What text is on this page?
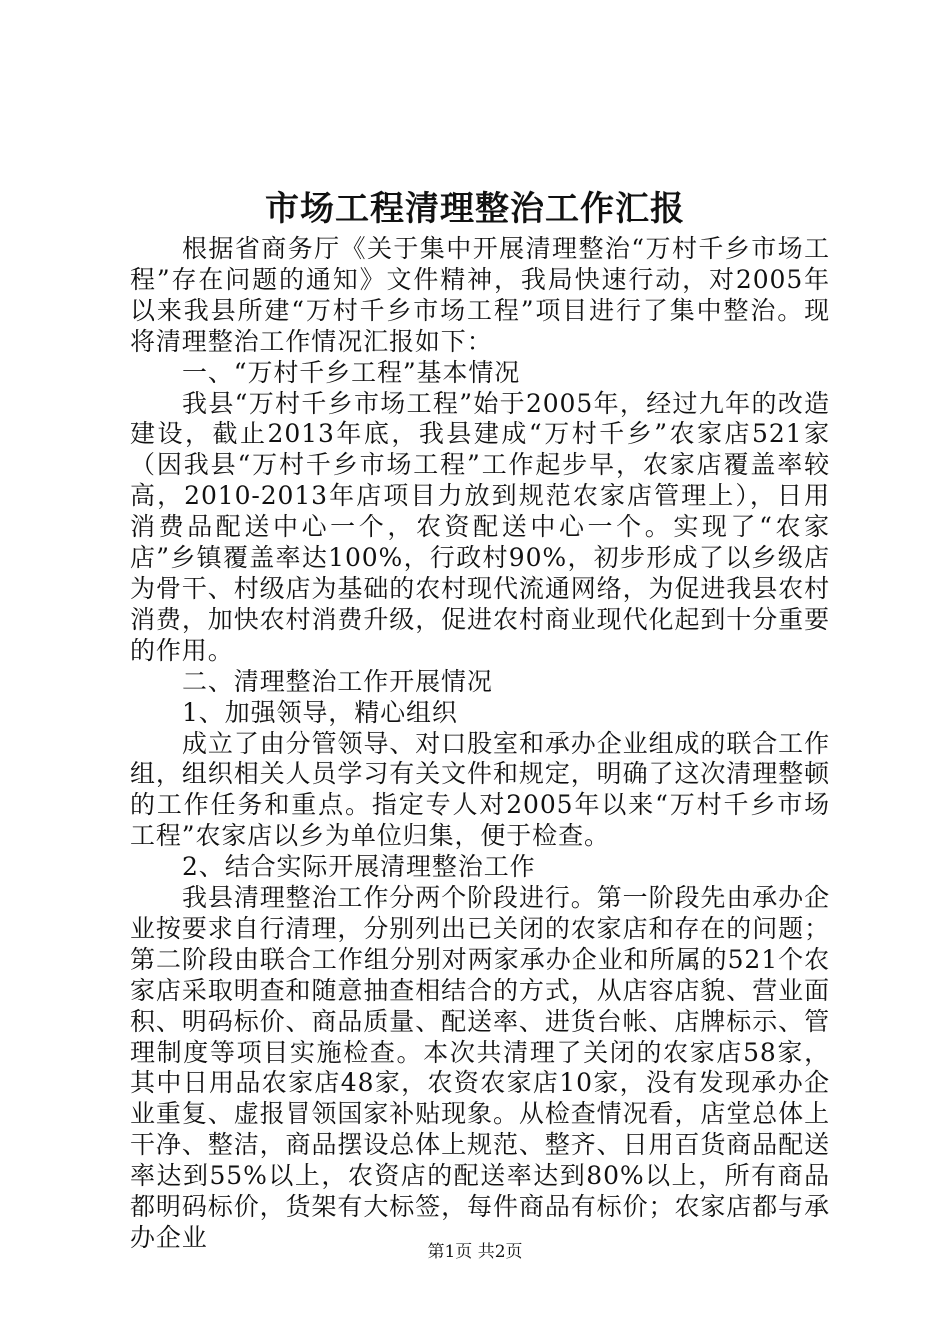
市场工程清理整治工作汇报

根据省商务厅《关于集中开展清理整治“万村千乡市场工程”存在问题的通知》文件精神，我局快速行动，对2005年以来我县所建“万村千乡市场工程”项目进行了集中整治。现将清理整治工作情况汇报如下：

一、“万村千乡工程”基本情况

我县“万村千乡市场工程”始于2005年，经过九年的改造建设，截止2013年底，我县建成“万村千乡”农家店521家（因我县“万村千乡市场工程”工作起步早，农家店覆盖率较高，2010-2013年店项目力放到规范农家店管理上），日用消费品配送中心一个，农资配送中心一个。实现了“农家店”乡镇覆盖率达100%，行政村90%，初步形成了以乡级店为骨干、村级店为基础的农村现代流通网络，为促进我县农村消费，加快农村消费升级，促进农村商业现代化起到十分重要的作用。

二、清理整治工作开展情况

1、加强领导，精心组织

成立了由分管领导、对口股室和承办企业组成的联合工作组，组织相关人员学习有关文件和规定，明确了这次清理整顿的工作任务和重点。指定专人对2005年以来“万村千乡市场工程”农家店以乡为单位归集，便于检查。

2、结合实际开展清理整治工作

我县清理整治工作分两个阶段进行。第一阶段先由承办企业按要求自行清理，分别列出已关闭的农家店和存在的问题；第二阶段由联合工作组分别对两家承办企业和所属的521个农家店采取明查和随意抽查相结合的方式，从店容店貌、营业面积、明码标价、商品质量、配送率、进货台帐、店牌标示、管理制度等项目实施检查。本次共清理了关闭的农家店58家，其中日用品农家店48家，农资农家店10家，没有发现承办企业重复、虚报冒领国家补贴现象。从检查情况看，店堂总体上干净、整洁，商品摆设总体上规范、整齐、日用百货商品配送率达到55%以上，农资店的配送率达到80%以上，所有商品都明码标价，货架有大标签，每件商品有标价；农家店都与承办企业	第1页 共2页
